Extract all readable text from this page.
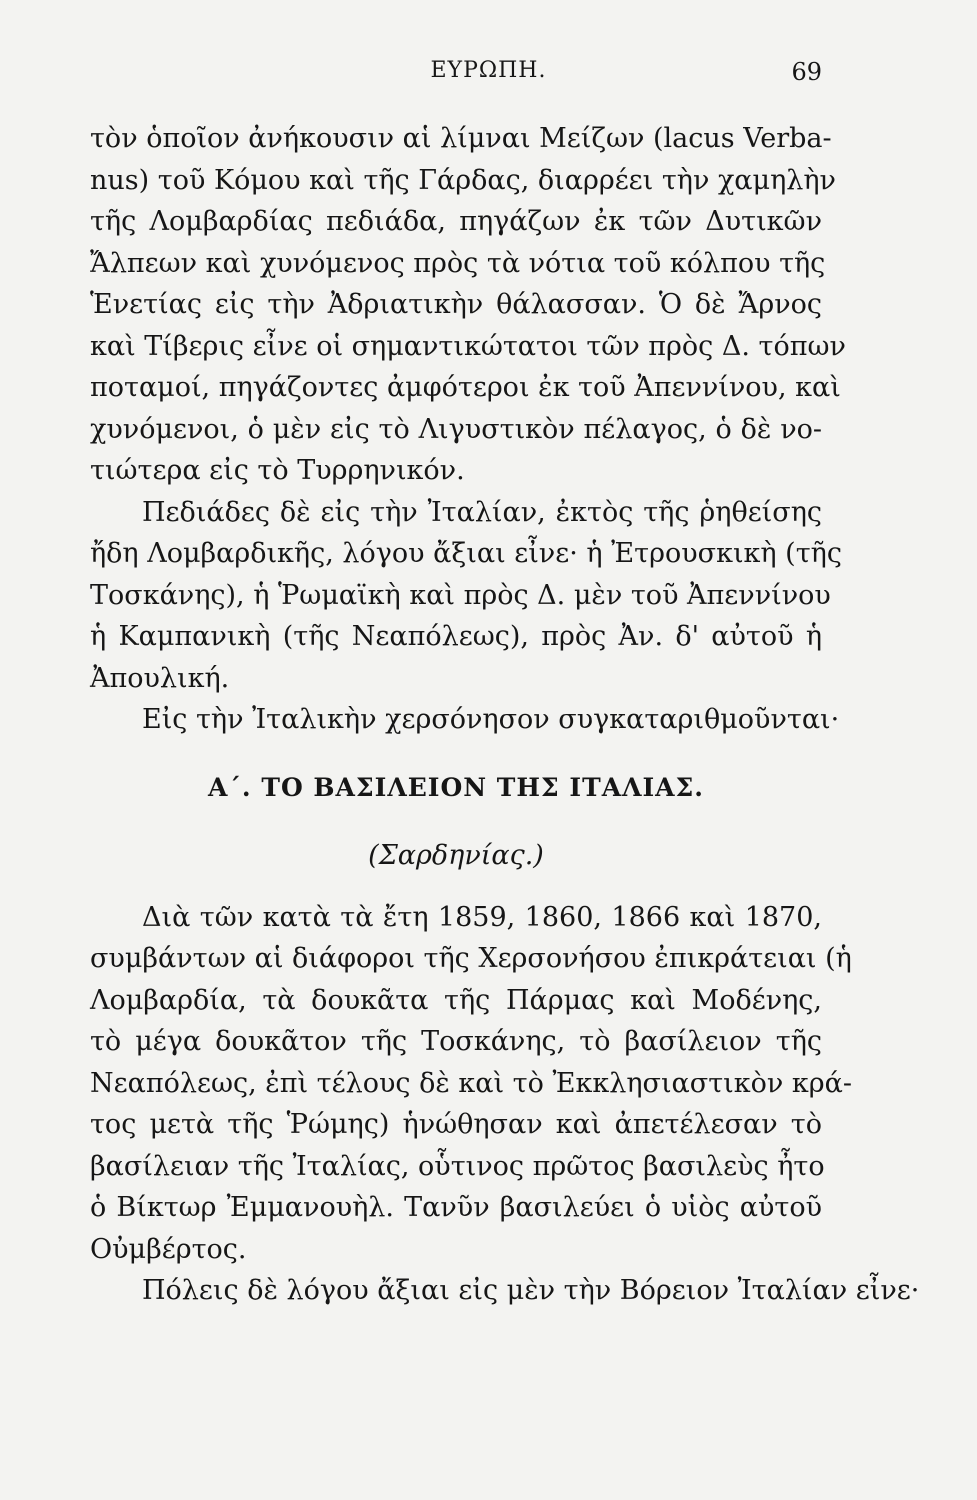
ΕΥΡΩΠΗ.	69
τὸν ὁποῖον ἀνήκουσιν αἱ λίμναι Μείζων (lacus Verba-
nus) τοῦ Κόμου καὶ τῆς Γάρδας, διαρρέει τὴν χαμηλὴν
τῆς Λομβαρδίας πεδιάδα, πηγάζων ἐκ τῶν Δυτικῶν
Ἄλπεων καὶ χυνόμενος πρὸς τὰ νότια τοῦ κόλπου τῆς
Ἑνετίας εἰς τὴν Ἀδριατικὴν θάλασσαν. Ὁ δὲ Ἄρνος
καὶ Τίβερις εἶνε οἱ σημαντικώτατοι τῶν πρὸς Δ. τόπων
ποταμοί, πηγάζοντες ἀμφότεροι ἐκ τοῦ Ἀπεννίνου, καὶ
χυνόμενοι, ὁ μὲν εἰς τὸ Λιγυστικὸν πέλαγος, ὁ δὲ νο-
τιώτερα εἰς τὸ Τυρρηνικόν.
Πεδιάδες δὲ εἰς τὴν Ἰταλίαν, ἐκτὸς τῆς ῥηθείσης
ἤδη Λομβαρδικῆς, λόγου ἄξιαι εἶνε· ἡ Ἐτρουσκικὴ (τῆς
Τοσκάνης), ἡ Ῥωμαϊκὴ καὶ πρὸς Δ. μὲν τοῦ Ἀπεννίνου
ἡ Καμπανικὴ (τῆς Νεαπόλεως), πρὸς Ἀν. δ' αὐτοῦ ἡ
Ἀπουλική.
Εἰς τὴν Ἰταλικὴν χερσόνησον συγκαταριθμοῦνται·
Α΄. ΤΟ ΒΑΣΙΛΕΙΟΝ ΤΗΣ ΙΤΑΛΙΑΣ.
(Σαρδηνίας.)
Διὰ τῶν κατὰ τὰ ἔτη 1859, 1860, 1866 καὶ 1870,
συμβάντων αἱ διάφοροι τῆς Χερσονήσου ἐπικράτειαι (ἡ
Λομβαρδία, τὰ δουκᾶτα τῆς Πάρμας καὶ Μοδένης,
τὸ μέγα δουκᾶτον τῆς Τοσκάνης, τὸ βασίλειον τῆς
Νεαπόλεως, ἐπὶ τέλους δὲ καὶ τὸ Ἐκκλησιαστικὸν κρά-
τος μετὰ τῆς Ῥώμης) ἡνώθησαν καὶ ἀπετέλεσαν τὸ
βασίλειαν τῆς Ἰταλίας, οὗτινος πρῶτος βασιλεὺς ἦτο
ὁ Βίκτωρ Ἐμμανουὴλ. Τανῦν βασιλεύει ὁ υἱὸς αὐτοῦ
Οὐμβέρτος.
Πόλεις δὲ λόγου ἄξιαι εἰς μὲν τὴν Βόρειον Ἰταλίαν εἶνε·
